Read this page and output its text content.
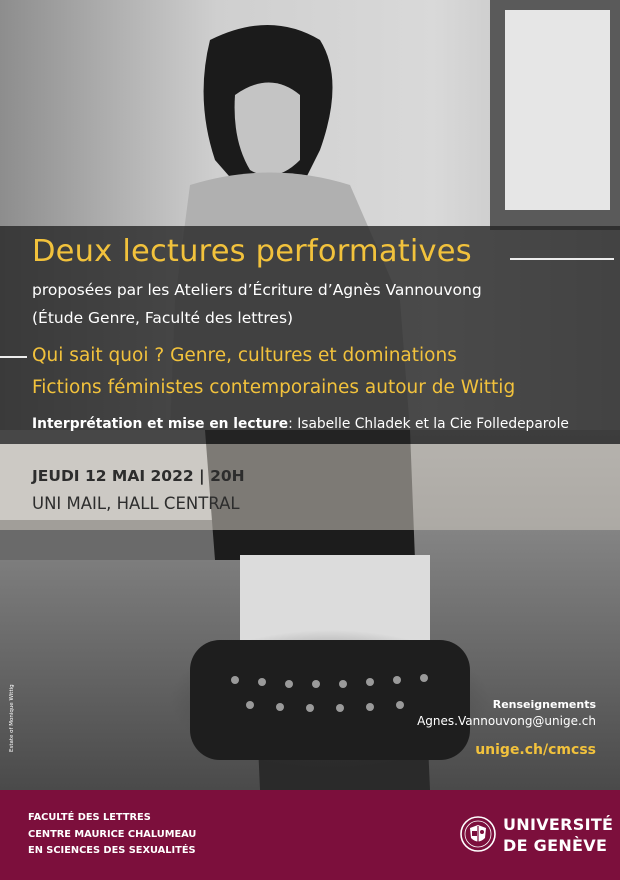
Deux lectures performatives
proposées par les Ateliers d’Écriture d’Agnès Vannouvong
(Étude Genre, Faculté des lettres)
Qui sait quoi ? Genre, cultures et dominations
Fictions féministes contemporaines autour de Wittig
Interprétation et mise en lecture: Isabelle Chladek et la Cie Folledeparole
JEUDI 12 MAI 2022 | 20H
UNI MAIL, HALL CENTRAL
Estate of Monique Wittig	Renseignements
Agnes.Vannouvong@unige.ch
unige.ch/cmcss
FACULTÉ DES LETTRES
CENTRE MAURICE CHALUMEAU
EN SCIENCES DES SEXUALITÉS
UNIVERSITÉ
DE GENÈVE
